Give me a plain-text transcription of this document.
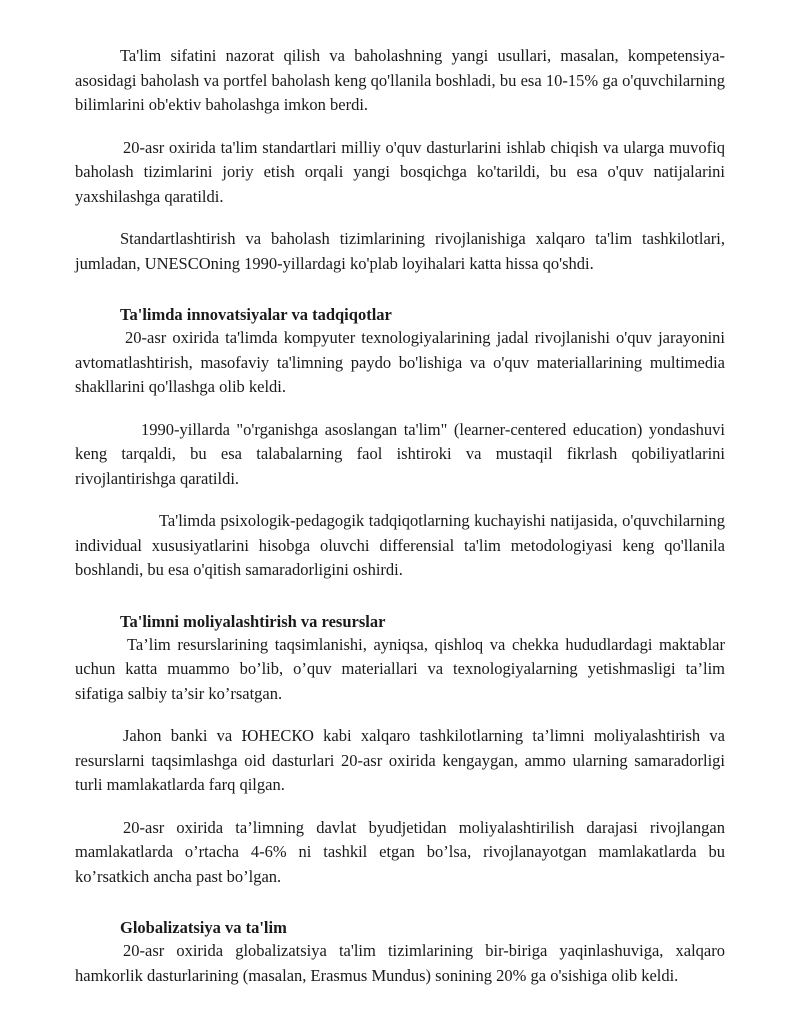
Ta'lim sifatini nazorat qilish va baholashning yangi usullari, masalan, kompetensiya-asosidagi baholash va portfel baholash keng qo'llanila boshladi, bu esa 10-15% ga o'quvchilarning bilimlarini ob'ektiv baholashga imkon berdi.

20-asr oxirida ta'lim standartlari milliy o'quv dasturlarini ishlab chiqish va ularga muvofiq baholash tizimlarini joriy etish orqali yangi bosqichga ko'tarildi, bu esa o'quv natijalarini yaxshilashga qaratildi.

Standartlashtirish va baholash tizimlarining rivojlanishiga xalqaro ta'lim tashkilotlari, jumladan, UNESCOning 1990-yillardagi ko'plab loyihalari katta hissa qo'shdi.

Ta'limda innovatsiyalar va tadqiqotlar

20-asr oxirida ta'limda kompyuter texnologiyalarining jadal rivojlanishi o'quv jarayonini avtomatlashtirish, masofaviy ta'limning paydo bo'lishiga va o'quv materiallarining multimedia shakllarini qo'llashga olib keldi.

1990-yillarda "o'rganishga asoslangan ta'lim" (learner-centered education) yondashuvi keng tarqaldi, bu esa talabalarning faol ishtiroki va mustaqil fikrlash qobiliyatlarini rivojlantirishga qaratildi.

Ta'limda psixologik-pedagogik tadqiqotlarning kuchayishi natijasida, o'quvchilarning individual xususiyatlarini hisobga oluvchi differensial ta'lim metodologiyasi keng qo'llanila boshlandi, bu esa o'qitish samaradorligini oshirdi.

Ta'limni moliyalashtirish va resurslar

Ta’lim resurslarining taqsimlanishi, ayniqsa, qishloq va chekka hududlardagi maktablar uchun katta muammo bo’lib, o’quv materiallari va texnologiyalarning yetishmasligi ta’lim sifatiga salbiy ta’sir ko’rsatgan.

Jahon banki va ЮНЕСКО kabi xalqaro tashkilotlarning ta’limni moliyalashtirish va resurslarni taqsimlashga oid dasturlari 20-asr oxirida kengaygan, ammo ularning samaradorligi turli mamlakatlarda farq qilgan.

20-asr oxirida ta’limning davlat byudjetidan moliyalashtirilish darajasi rivojlangan mamlakatlarda o’rtacha 4-6% ni tashkil etgan bo’lsa, rivojlanayotgan mamlakatlarda bu ko’rsatkich ancha past bo’lgan.

Globalizatsiya va ta'lim

20-asr oxirida globalizatsiya ta'lim tizimlarining bir-biriga yaqinlashuviga, xalqaro hamkorlik dasturlarining (masalan, Erasmus Mundus) sonining 20% ga o'sishiga olib keldi.
